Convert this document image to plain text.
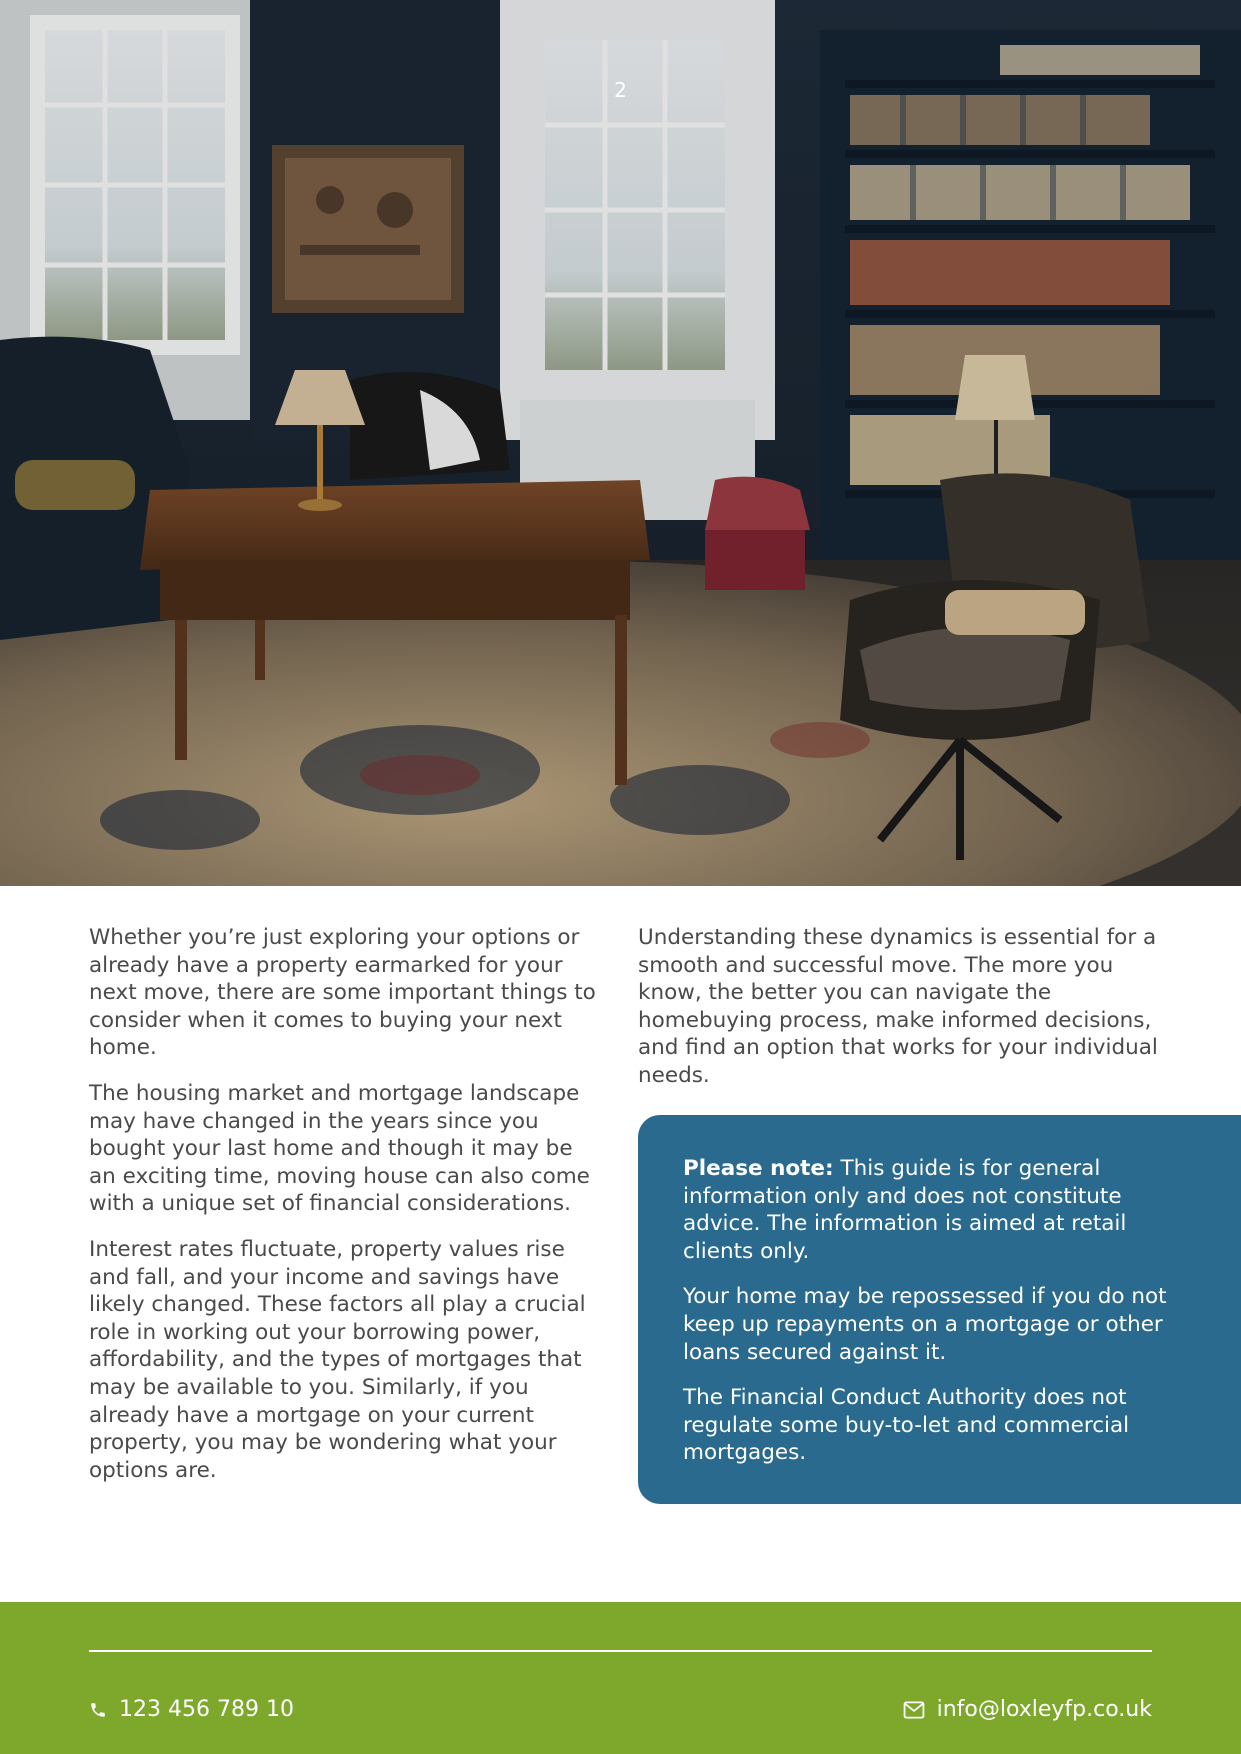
2

Whether you’re just exploring your options or already have a property earmarked for your next move, there are some important things to consider when it comes to buying your next home.

The housing market and mortgage landscape may have changed in the years since you bought your last home and though it may be an exciting time, moving house can also come with a unique set of financial considerations.

Interest rates fluctuate, property values rise and fall, and your income and savings have likely changed. These factors all play a crucial role in working out your borrowing power, affordability, and the types of mortgages that may be available to you. Similarly, if you already have a mortgage on your current property, you may be wondering what your options are.

Understanding these dynamics is essential for a smooth and successful move. The more you know, the better you can navigate the homebuying process, make informed decisions, and find an option that works for your individual needs.

Please note: This guide is for general information only and does not constitute advice. The information is aimed at retail clients only.

Your home may be repossessed if you do not keep up repayments on a mortgage or other loans secured against it.

The Financial Conduct Authority does not regulate some buy-to-let and commercial mortgages.

123 456 789 10	info@loxleyfp.co.uk
